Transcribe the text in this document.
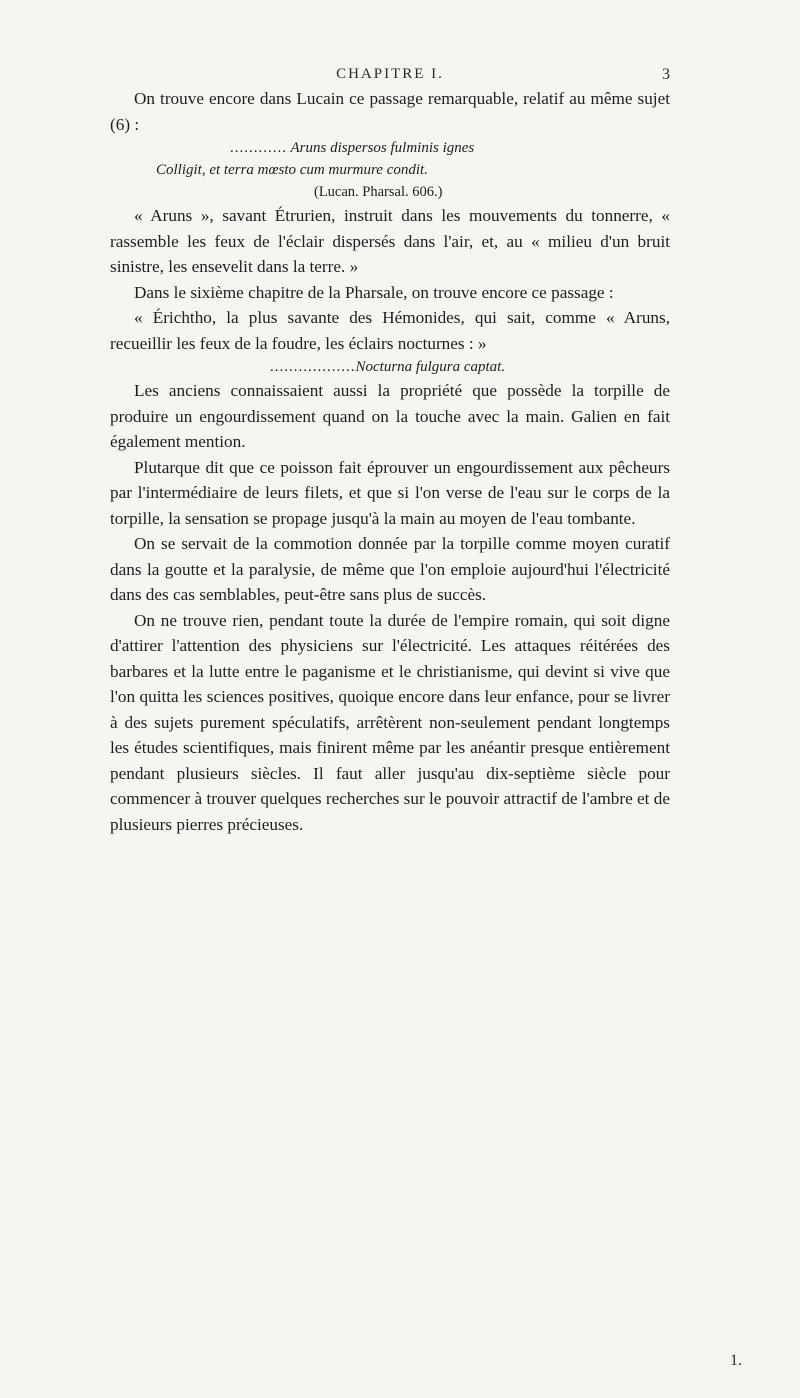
CHAPITRE I.	3

On trouve encore dans Lucain ce passage remarquable, relatif au même sujet (6) :

............ Aruns dispersos fulminis ignes

Colligit, et terra mœsto cum murmure condit.

(Lucan. Pharsal. 606.)

« Aruns », savant Étrurien, instruit dans les mouvements du tonnerre, « rassemble les feux de l'éclair dispersés dans l'air, et, au « milieu d'un bruit sinistre, les ensevelit dans la terre. »

Dans le sixième chapitre de la Pharsale, on trouve encore ce passage :

« Érichtho, la plus savante des Hémonides, qui sait, comme « Aruns, recueillir les feux de la foudre, les éclairs nocturnes : »

..................Nocturna fulgura captat.

Les anciens connaissaient aussi la propriété que possède la torpille de produire un engourdissement quand on la touche avec la main. Galien en fait également mention.

Plutarque dit que ce poisson fait éprouver un engourdissement aux pêcheurs par l'intermédiaire de leurs filets, et que si l'on verse de l'eau sur le corps de la torpille, la sensation se propage jusqu'à la main au moyen de l'eau tombante.

On se servait de la commotion donnée par la torpille comme moyen curatif dans la goutte et la paralysie, de même que l'on emploie aujourd'hui l'électricité dans des cas semblables, peut-être sans plus de succès.

On ne trouve rien, pendant toute la durée de l'empire romain, qui soit digne d'attirer l'attention des physiciens sur l'électricité. Les attaques réitérées des barbares et la lutte entre le paganisme et le christianisme, qui devint si vive que l'on quitta les sciences positives, quoique encore dans leur enfance, pour se livrer à des sujets purement spéculatifs, arrêtèrent non-seulement pendant longtemps les études scientifiques, mais finirent même par les anéantir presque entièrement pendant plusieurs siècles. Il faut aller jusqu'au dix-septième siècle pour commencer à trouver quelques recherches sur le pouvoir attractif de l'ambre et de plusieurs pierres précieuses.

1.
